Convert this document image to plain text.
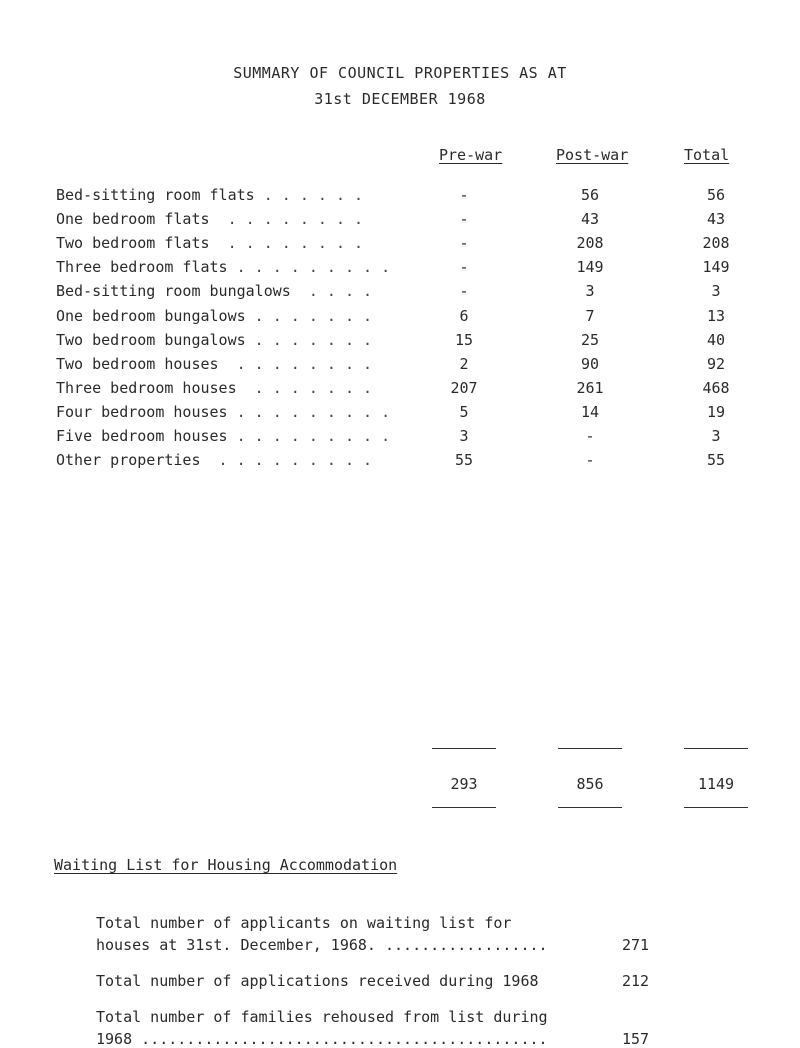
SUMMARY OF COUNCIL PROPERTIES AS AT
31st DECEMBER 1968
Pre-war	Post-war	Total
Bed-sitting room flats . . . . . .	-	56	56
One bedroom flats . . . . . . . .	-	43	43
Two bedroom flats . . . . . . . .	-	208	208
Three bedroom flats . . . . . . . . .	-	149	149
Bed-sitting room bungalows . . . .	-	3	3
One bedroom bungalows . . . . . . .	6	7	13
Two bedroom bungalows . . . . . . .	15	25	40
Two bedroom houses . . . . . . . .	2	90	92
Three bedroom houses . . . . . . .	207	261	468
Four bedroom houses . . . . . . . . .	5	14	19
Five bedroom houses . . . . . . . . .	3	-	3
Other properties . . . . . . . . .	55	-	55
293	856	1149
Waiting List for Housing Accommodation
Total number of applicants on waiting list for
houses at 31st. December, 1968. ..................	271
Total number of applications received during 1968	212
Total number of families rehoused from list during
1968 .............................................	157
